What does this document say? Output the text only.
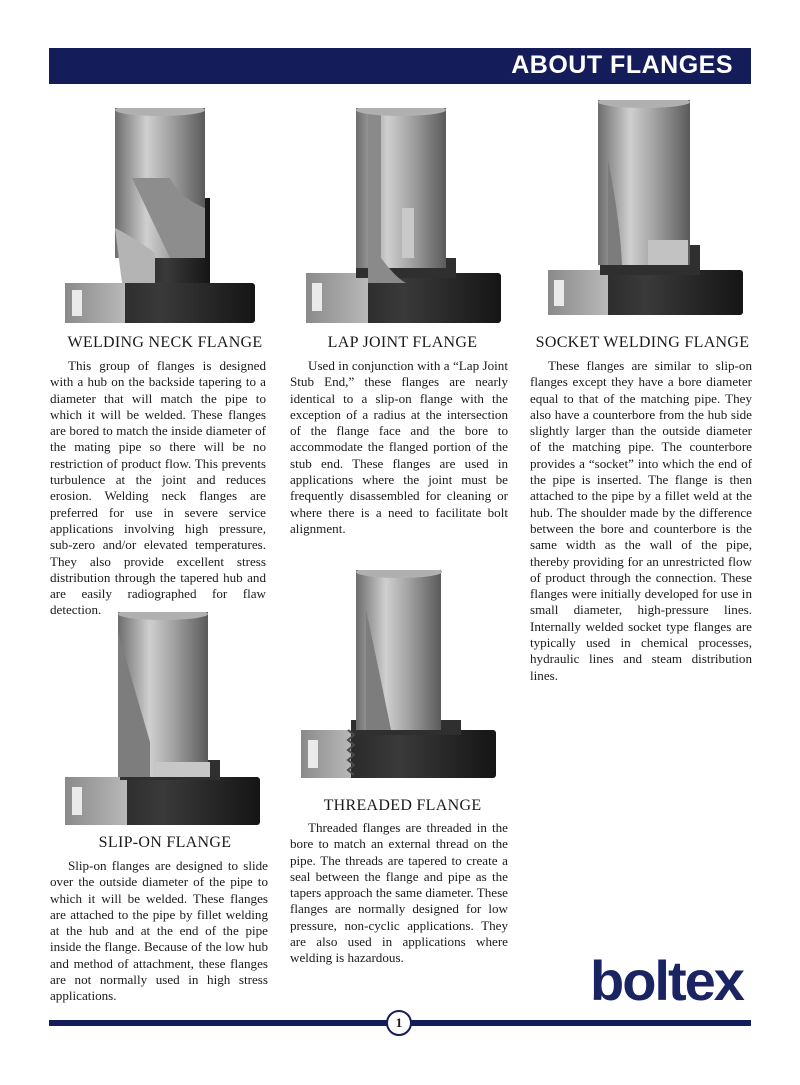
ABOUT FLANGES
WELDING NECK FLANGE	LAP JOINT FLANGE	SOCKET WELDING FLANGE
SLIP-ON FLANGE
THREADED FLANGE

This group of flanges is designed with a hub on the backside tapering to a diameter that will match the pipe to which it will be welded. These flanges are bored to match the inside diameter of the mating pipe so there will be no restriction of product flow. This prevents turbulence at the joint and reduces erosion. Welding neck flanges are preferred for use in severe service applications involving high pressure, sub-zero and/or elevated temperatures. They also provide excellent stress distribution through the tapered hub and are easily radiographed for flaw detection.

Used in conjunction with a “Lap Joint Stub End,” these flanges are nearly identical to a slip-on flange with the exception of a radius at the intersection of the flange face and the bore to accommodate the flanged portion of the stub end. These flanges are used in applications where the joint must be frequently disassembled for cleaning or where there is a need to facilitate bolt alignment.

These flanges are similar to slip-on flanges except they have a bore diameter equal to that of the matching pipe. They also have a counterbore from the hub side slightly larger than the outside diameter of the matching pipe. The counterbore provides a “socket” into which the end of the pipe is inserted. The flange is then attached to the pipe by a fillet weld at the hub. The shoulder made by the difference between the bore and counterbore is the same width as the wall of the pipe, thereby providing for an unrestricted flow of product through the connection. These flanges were initially developed for use in small diameter, high-pressure lines. Internally welded socket type flanges are typically used in chemical processes, hydraulic lines and steam distribution lines.

Slip-on flanges are designed to slide over the outside diameter of the pipe to which it will be welded. These flanges are attached to the pipe by fillet welding at the hub and at the end of the pipe inside the flange. Because of the low hub and method of attachment, these flanges are not normally used in high stress applications.

Threaded flanges are threaded in the bore to match an external thread on the pipe. The threads are tapered to create a seal between the flange and pipe as the tapers approach the same diameter. These flanges are normally designed for low pressure, non-cyclic applications. They are also used in applications where welding is hazardous.	boltex
1
